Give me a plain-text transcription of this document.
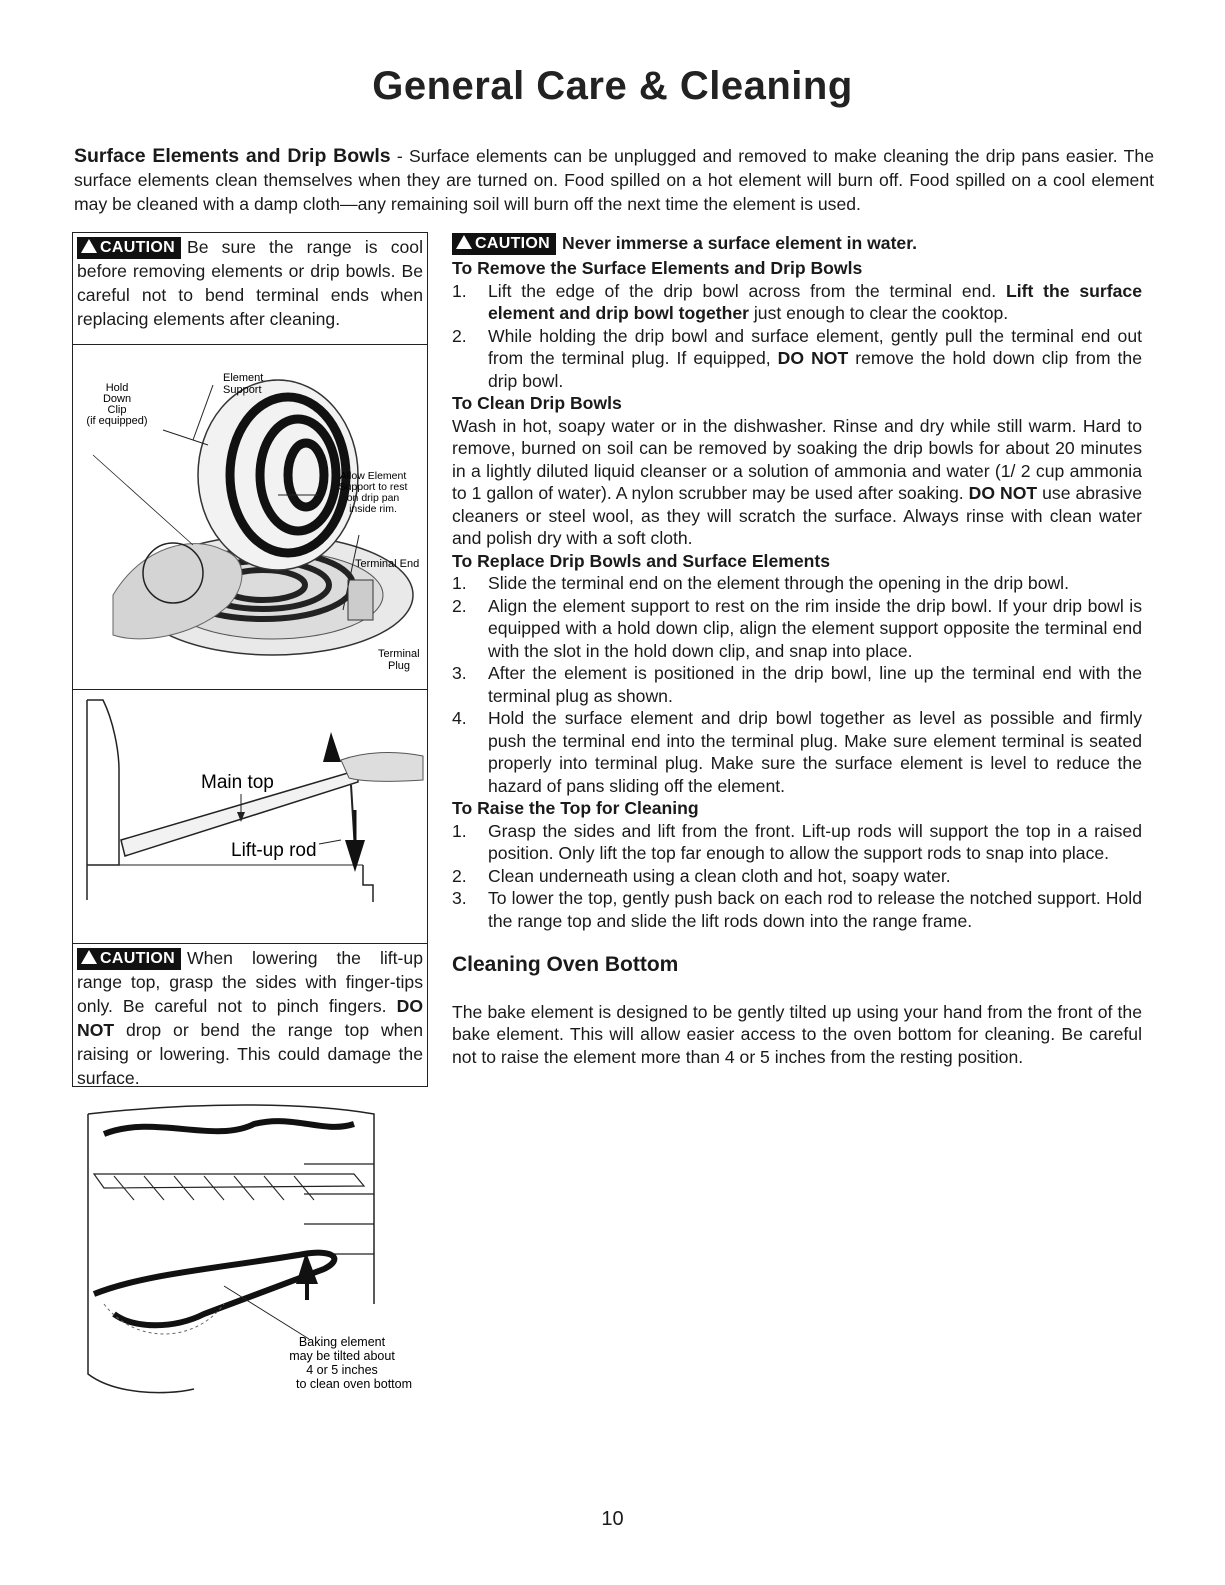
General Care & Cleaning

Surface Elements and Drip Bowls - Surface elements can be unplugged and removed to make cleaning the drip pans easier. The surface elements clean themselves when they are turned on. Food spilled on a hot element will burn off. Food spilled on a cool element may be cleaned with a damp cloth—any remaining soil will burn off the next time the element is used.

CAUTION Be sure the range is cool before removing elements or drip bowls. Be careful not to bend terminal ends when replacing elements after cleaning.
Element
Support
Hold
Down
Clip
(if equipped)
Allow Element
Support to rest
on drip pan
inside rim.
Terminal End
Terminal
Plug
Main top
Lift-up rod
CAUTION When lowering the lift-up range top, grasp the sides with finger-tips only. Be careful not to pinch fingers. DO NOT drop or bend the range top when raising or lowering. This could damage the surface.
Baking element
may be tilted about
4 or 5 inches
to clean oven bottom

CAUTION Never immerse a surface element in water.

To Remove the Surface Elements and Drip Bowls
1.	Lift the edge of the drip bowl across from the terminal end. Lift the surface element and drip bowl together just enough to clear the cooktop.
2.	While holding the drip bowl and surface element, gently pull the terminal end out from the terminal plug. If equipped, DO NOT remove the hold down clip from the drip bowl.
To Clean Drip Bowls

Wash in hot, soapy water or in the dishwasher. Rinse and dry while still warm. Hard to remove, burned on soil can be removed by soaking the drip bowls for about 20 minutes in a lightly diluted liquid cleanser or a solution of ammonia and water (1/ 2 cup ammonia to 1 gallon of water). A nylon scrubber may be used after soaking. DO NOT use abrasive cleaners or steel wool, as they will scratch the surface. Always rinse with clean water and polish dry with a soft cloth.

To Replace Drip Bowls and Surface Elements
1.	Slide the terminal end on the element through the opening in the drip bowl.
2.	Align the element support to rest on the rim inside the drip bowl. If your drip bowl is equipped with a hold down clip, align the element support opposite the terminal end with the slot in the hold down clip, and snap into place.
3.	After the element is positioned in the drip bowl, line up the terminal end with the terminal plug as shown.
4.	Hold the surface element and drip bowl together as level as possible and firmly push the terminal end into the terminal plug. Make sure element terminal is seated properly into terminal plug. Make sure the surface element is level to reduce the hazard of pans sliding off the element.
To Raise the Top for Cleaning
1.	Grasp the sides and lift from the front. Lift-up rods will support the top in a raised position. Only lift the top far enough to allow the support rods to snap into place.
2.	Clean underneath using a clean cloth and hot, soapy water.
3.	To lower the top, gently push back on each rod to release the notched support. Hold the range top and slide the lift rods down into the range frame.
Cleaning Oven Bottom

The bake element is designed to be gently tilted up using your hand from the front of the bake element. This will allow easier access to the oven bottom for cleaning. Be careful not to raise the element more than 4 or 5 inches from the resting position.

10
